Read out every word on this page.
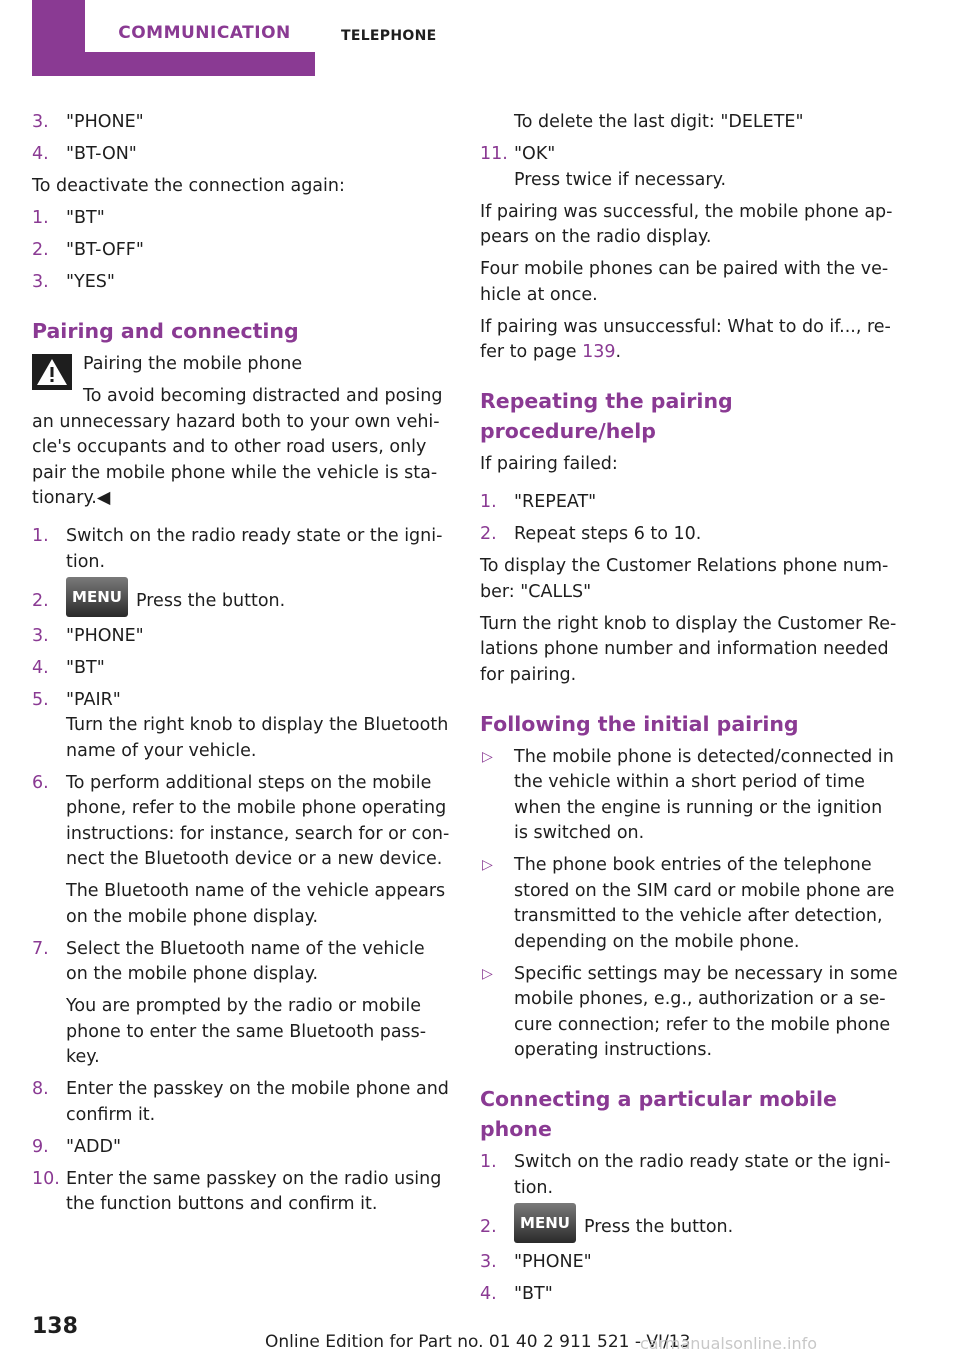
COMMUNICATION	TELEPHONE
3. "PHONE"
4. "BT-ON"

To deactivate the connection again:

1. "BT"
2. "BT-OFF"
3. "YES"
Pairing and connecting

Pairing the mobile phone

To avoid becoming distracted and posing an unnecessary hazard both to your own vehi‐cle's occupants and to other road users, only pair the mobile phone while the vehicle is sta‐tionary.◀

1. Switch on the radio ready state or the igni‐tion.
2. MENU Press the button.
3. "PHONE"
4. "BT"
5. "PAIR"
Turn the right knob to display the Bluetooth name of your vehicle.
6. To perform additional steps on the mobile phone, refer to the mobile phone operating instructions: for instance, search for or con‐nect the Bluetooth device or a new device.
The Bluetooth name of the vehicle appears on the mobile phone display.
7. Select the Bluetooth name of the vehicle on the mobile phone display.
You are prompted by the radio or mobile phone to enter the same Bluetooth pass‐key.
8. Enter the passkey on the mobile phone and confirm it.
9. "ADD"
10. Enter the same passkey on the radio using the function buttons and confirm it.
To delete the last digit: "DELETE"
11. "OK"
Press twice if necessary.

If pairing was successful, the mobile phone ap‐pears on the radio display.

Four mobile phones can be paired with the ve‐hicle at once.

If pairing was unsuccessful: What to do if..., re‐fer to page 139.

Repeating the pairing procedure/help

If pairing failed:

1. "REPEAT"
2. Repeat steps 6 to 10.

To display the Customer Relations phone num‐ber: "CALLS"

Turn the right knob to display the Customer Re‐lations phone number and information needed for pairing.

Following the initial pairing
▷ The mobile phone is detected/connected in the vehicle within a short period of time when the engine is running or the ignition is switched on.
▷ The phone book entries of the telephone stored on the SIM card or mobile phone are transmitted to the vehicle after detection, depending on the mobile phone.
▷ Specific settings may be necessary in some mobile phones, e.g., authorization or a se‐cure connection; refer to the mobile phone operating instructions.
Connecting a particular mobile phone
1. Switch on the radio ready state or the igni‐tion.
2. MENU Press the button.
3. "PHONE"
4. "BT"
138
Online Edition for Part no. 01 40 2 911 521 - VI/13
carmanualsonline.info
